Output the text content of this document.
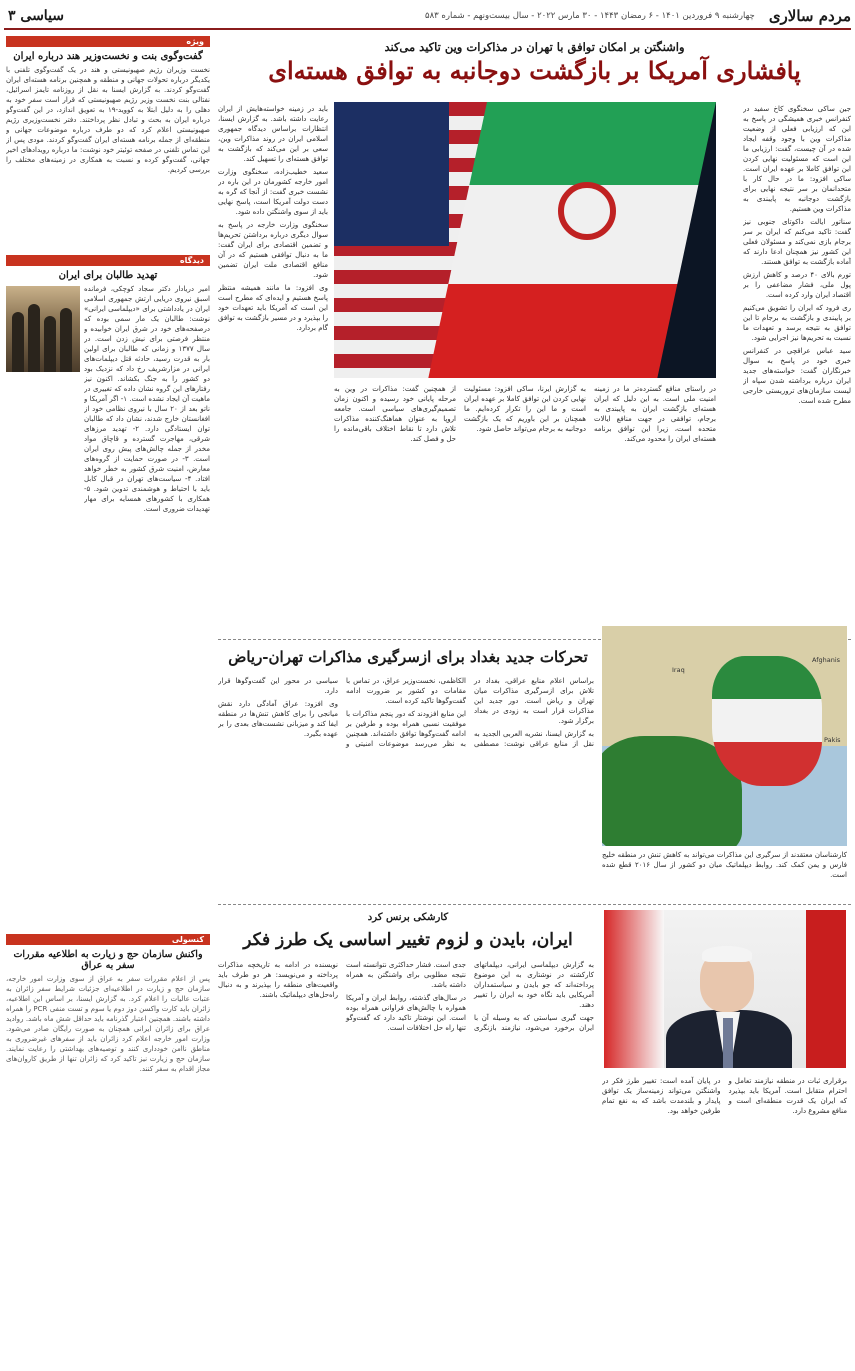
مردم سالاری
چهارشنبه ۹ فروردین ۱۴۰۱ - ۶ رمضان ۱۴۴۳ - ۳۰ مارس ۲۰۲۲ - سال بیست‌ونهم - شماره ۵۸۳
سیاسی ۳
ویژه
گفت‌وگوی بنت و نخست‌وزیر هند درباره ایران
نخست وزیران رژیم صهیونیستی و هند در یک گفت‌وگوی تلفنی با یکدیگر درباره تحولات جهانی و منطقه و همچنین برنامه هسته‌ای ایران گفت‌وگو کردند. به گزارش ایسنا به نقل از روزنامه تایمز اسرائیل، نفتالی بنت نخست وزیر رژیم صهیونیستی که قرار است سفر خود به دهلی را به دلیل ابتلا به کووید-۱۹ به تعویق اندازد، در این گفت‌وگو درباره ایران به بحث و تبادل نظر پرداختند. دفتر نخست‌وزیری رژیم صهیونیستی اعلام کرد که دو طرف درباره موضوعات جهانی و منطقه‌ای از جمله برنامه هسته‌ای ایران گفت‌وگو کردند. مودی پس از این تماس تلفنی در صفحه توئیتر خود نوشت: ما درباره رویدادهای اخیر جهانی، گفت‌وگو کرده و نسبت به همکاری در زمینه‌های مختلف را بررسی کردیم.
دیدگاه
تهدید طالبان برای ایران
امیر دریادار دکتر سجاد کوچکی، فرمانده اسبق نیروی دریایی ارتش جمهوری اسلامی ایران در یادداشتی برای «دیپلماسی ایرانی» نوشت: طالبان یک مار سمی بوده که درصفحه‌های خود در شرق ایران خوابیده و منتظر فرصتی برای نیش زدن است. در سال ۱۳۷۷ و زمانی که طالبان برای اولین بار به قدرت رسید، حادثه قتل دیپلمات‌های ایرانی در مزارشریف رخ داد که نزدیک بود دو کشور را به جنگ بکشاند. اکنون نیز رفتارهای این گروه نشان داده که تغییری در ماهیت آن ایجاد نشده است. ۱- اگر آمریکا و ناتو بعد از ۲۰ سال با نیروی نظامی خود از افغانستان خارج شدند، نشان داد که طالبان توان ایستادگی دارد. ۲- تهدید مرزهای شرقی، مهاجرت گسترده و قاچاق مواد مخدر از جمله چالش‌های پیش روی ایران است. ۳- در صورت حمایت از گروه‌های معارض، امنیت شرق کشور به خطر خواهد افتاد. ۴- سیاست‌های تهران در قبال کابل باید با احتیاط و هوشمندی تدوین شود. ۵- همکاری با کشورهای همسایه برای مهار تهدیدات ضروری است.
کنسولی
واکنش سازمان حج و زیارت به اطلاعیه مقررات سفر به عراق
پس از اعلام مقررات سفر به عراق از سوی وزارت امور خارجه، سازمان حج و زیارت در اطلاعیه‌ای جزئیات شرایط سفر زائران به عتبات عالیات را اعلام کرد. به گزارش ایسنا، بر اساس این اطلاعیه، زائران باید کارت واکسن دوز دوم یا سوم و تست منفی PCR را همراه داشته باشند. همچنین اعتبار گذرنامه باید حداقل شش ماه باشد. روادید عراق برای زائران ایرانی همچنان به صورت رایگان صادر می‌شود. وزارت امور خارجه اعلام کرد زائران باید از سفرهای غیرضروری به مناطق ناامن خودداری کنند و توصیه‌های بهداشتی را رعایت نمایند. سازمان حج و زیارت نیز تاکید کرد که زائران تنها از طریق کاروان‌های مجاز اقدام به سفر کنند.
واشنگتن بر امکان توافق با تهران در مذاکرات وین تاکید می‌کند
پافشاری آمریکا بر بازگشت دوجانبه به توافق هسته‌ای

جین ساکی سخنگوی کاخ سفید در کنفرانس خبری همیشگی در پاسخ به این که ارزیابی فعلی از وضعیت مذاکرات وین با وجود وقفه ایجاد شده در آن چیست، گفت: ارزیابی ما این است که مسئولیت نهایی کردن این توافق کاملا بر عهده ایران است. ساکی افزود: ما در حال کار با متحدانمان بر سر نتیجه نهایی برای بازگشت دوجانبه به پایبندی به مذاکرات وین هستیم.

سناتور ایالت داکوتای جنوبی نیز گفت: تاکید می‌کنم که ایران بر سر برجام بازی نمی‌کند و مسئولان فعلی این کشور نیز همچنان ادعا دارند که آماده بازگشت به توافق هستند.

تورم بالای ۴۰ درصد و کاهش ارزش پول ملی، فشار مضاعفی را بر اقتصاد ایران وارد کرده است.

ری فرود که ایران را تشویق می‌کنیم بر پایبندی و بازگشت به برجام تا این توافق به نتیجه برسد و تعهدات ما نسبت به تحریم‌ها نیز اجرایی شود.

سید عباس عراقچی در کنفرانس خبری خود در پاسخ به سوال خبرنگاران گفت: خواسته‌های جدید ایران درباره برداشته شدن سپاه از لیست سازمان‌های تروریستی خارجی مطرح شده است.

باید در زمینه خواسته‌هایش از ایران رعایت داشته باشد. به گزارش ایسنا، انتظارات براساس دیدگاه جمهوری اسلامی ایران در روند مذاکرات وین، سعی بر این می‌کند که بازگشت به توافق هسته‌ای را تسهیل کند.

سعید خطیب‌زاده، سخنگوی وزارت امور خارجه کشورمان در این باره در نشست خبری گفت: از آنجا که گره به دست دولت آمریکا است، پاسخ نهایی باید از سوی واشنگتن داده شود.

سخنگوی وزارت خارجه در پاسخ به سوال دیگری درباره برداشتن تحریم‌ها و تضمین اقتصادی برای ایران گفت: ما به دنبال توافقی هستیم که در آن منافع اقتصادی ملت ایران تضمین شود.

وی افزود: ما مانند همیشه منتظر پاسخ هستیم و ایده‌ای که مطرح است این است که آمریکا باید تعهدات خود را بپذیرد و در مسیر بازگشت به توافق گام بردارد.

در راستای منافع گسترده‌تر ما در زمینه امنیت ملی است. به این دلیل که ایران هسته‌ای بازگشت ایران به پایبندی به برجام، توافقی در جهت منافع ایالات متحده است، زیرا این توافق برنامه هسته‌ای ایران را محدود می‌کند.

به گزارش ایرنا، ساکی افزود: مسئولیت نهایی کردن این توافق کاملا بر عهده ایران است و ما این را تکرار کرده‌ایم. ما همچنان بر این باوریم که یک بازگشت دوجانبه به برجام می‌تواند حاصل شود.

از همچنین گفت: مذاکرات در وین به مرحله پایانی خود رسیده و اکنون زمان تصمیم‌گیری‌های سیاسی است. جامعه اروپا به عنوان هماهنگ‌کننده مذاکرات تلاش دارد تا نقاط اختلاف باقی‌مانده را حل و فصل کند.

تحرکات جدید بغداد برای ازسرگیری مذاکرات تهران-ریاض	Afghanis
Iraq
Pakis

براساس اعلام منابع عراقی، بغداد در تلاش برای ازسرگیری مذاکرات میان تهران و ریاض است. دور جدید این مذاکرات قرار است به زودی در بغداد برگزار شود.

به گزارش ایسنا، نشریه العربی الجدید به نقل از منابع عراقی نوشت: مصطفی الکاظمی، نخست‌وزیر عراق، در تماس با مقامات دو کشور بر ضرورت ادامه گفت‌وگوها تاکید کرده است.

این منابع افزودند که دور پنجم مذاکرات با موفقیت نسبی همراه بوده و طرفین بر ادامه گفت‌وگوها توافق داشته‌اند. همچنین به نظر می‌رسد موضوعات امنیتی و سیاسی در محور این گفت‌وگوها قرار دارد.

وی افزود: عراق آمادگی دارد نقش میانجی را برای کاهش تنش‌ها در منطقه ایفا کند و میزبانی نشست‌های بعدی را بر عهده بگیرد.

کارشناسان معتقدند از سرگیری این مذاکرات می‌تواند به کاهش تنش در منطقه خلیج فارس و یمن کمک کند. روابط دیپلماتیک میان دو کشور از سال ۲۰۱۶ قطع شده است.

کارشکی برنس کرد
ایران، بایدن و لزوم تغییر اساسی یک طرز فکر

به گزارش دیپلماسی ایرانی، دیپلماتهای کارکشته در نوشتاری به این موضوع پرداخته‌اند که جو بایدن و سیاستمداران آمریکایی باید نگاه خود به ایران را تغییر دهند.

جهت گیری سیاستی که به وسیله آن با ایران برخورد می‌شود، نیازمند بازنگری جدی است. فشار حداکثری نتوانسته است نتیجه مطلوبی برای واشنگتن به همراه داشته باشد.

در سال‌های گذشته، روابط ایران و آمریکا همواره با چالش‌های فراوانی همراه بوده است. این نوشتار تاکید دارد که گفت‌وگو تنها راه حل اختلافات است.

نویسنده در ادامه به تاریخچه مذاکرات پرداخته و می‌نویسد: هر دو طرف باید واقعیت‌های منطقه را بپذیرند و به دنبال راه‌حل‌های دیپلماتیک باشند.

برقراری ثبات در منطقه نیازمند تعامل و احترام متقابل است. آمریکا باید بپذیرد که ایران یک قدرت منطقه‌ای است و منافع مشروع دارد.

در پایان آمده است: تغییر طرز فکر در واشنگتن می‌تواند زمینه‌ساز یک توافق پایدار و بلندمدت باشد که به نفع تمام طرفین خواهد بود.
